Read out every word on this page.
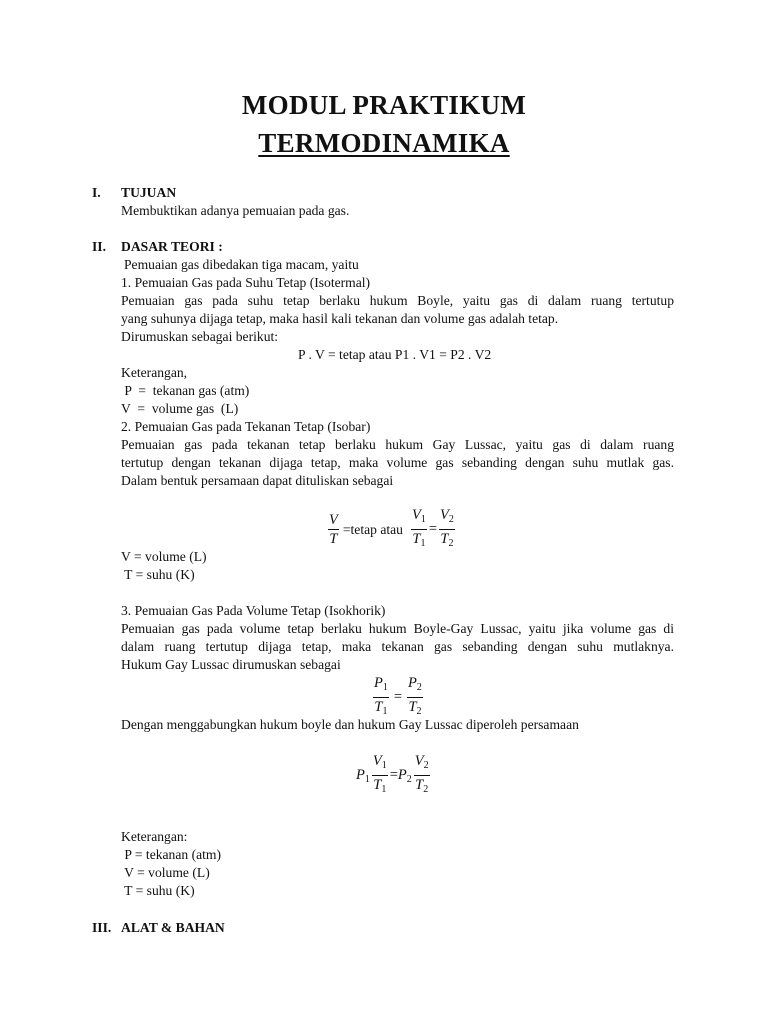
MODUL PRAKTIKUM
TERMODINAMIKA
I. TUJUAN
Membuktikan adanya pemuaian pada gas.
II. DASAR TEORI :
Pemuaian gas dibedakan tiga macam, yaitu
1. Pemuaian Gas pada Suhu Tetap (Isotermal)
Pemuaian gas pada suhu tetap berlaku hukum Boyle, yaitu gas di dalam ruang tertutup
yang suhunya dijaga tetap, maka hasil kali tekanan dan volume gas adalah tetap.
Dirumuskan sebagai berikut:
P . V = tetap atau P1 . V1 = P2 . V2
Keterangan,
P  =  tekanan gas (atm)
V  =  volume gas  (L)
2. Pemuaian Gas pada Tekanan Tetap (Isobar)
Pemuaian gas pada tekanan tetap berlaku hukum Gay Lussac, yaitu gas di dalam ruang
tertutup dengan tekanan dijaga tetap, maka volume gas sebanding dengan suhu mutlak gas.
Dalam bentuk persamaan dapat dituliskan sebagai
$\frac{V}{T}$ =tetap atau $\frac{V_1}{T_1} = \frac{V_2}{T_2}$
V = volume (L)
T = suhu (K)
3. Pemuaian Gas Pada Volume Tetap (Isokhorik)
Pemuaian gas pada volume tetap berlaku hukum Boyle-Gay Lussac, yaitu jika volume gas di
dalam ruang tertutup dijaga tetap, maka tekanan gas sebanding dengan suhu mutlaknya.
Hukum Gay Lussac dirumuskan sebagai
$\frac{P_1}{T_1} = \frac{P_2}{T_2}$
Dengan menggabungkan hukum boyle dan hukum Gay Lussac diperoleh persamaan
$P_1 \frac{V_1}{T_1} = P_2 \frac{V_2}{T_2}$
Keterangan:
P = tekanan (atm)
V = volume (L)
T = suhu (K)
III. ALAT & BAHAN
